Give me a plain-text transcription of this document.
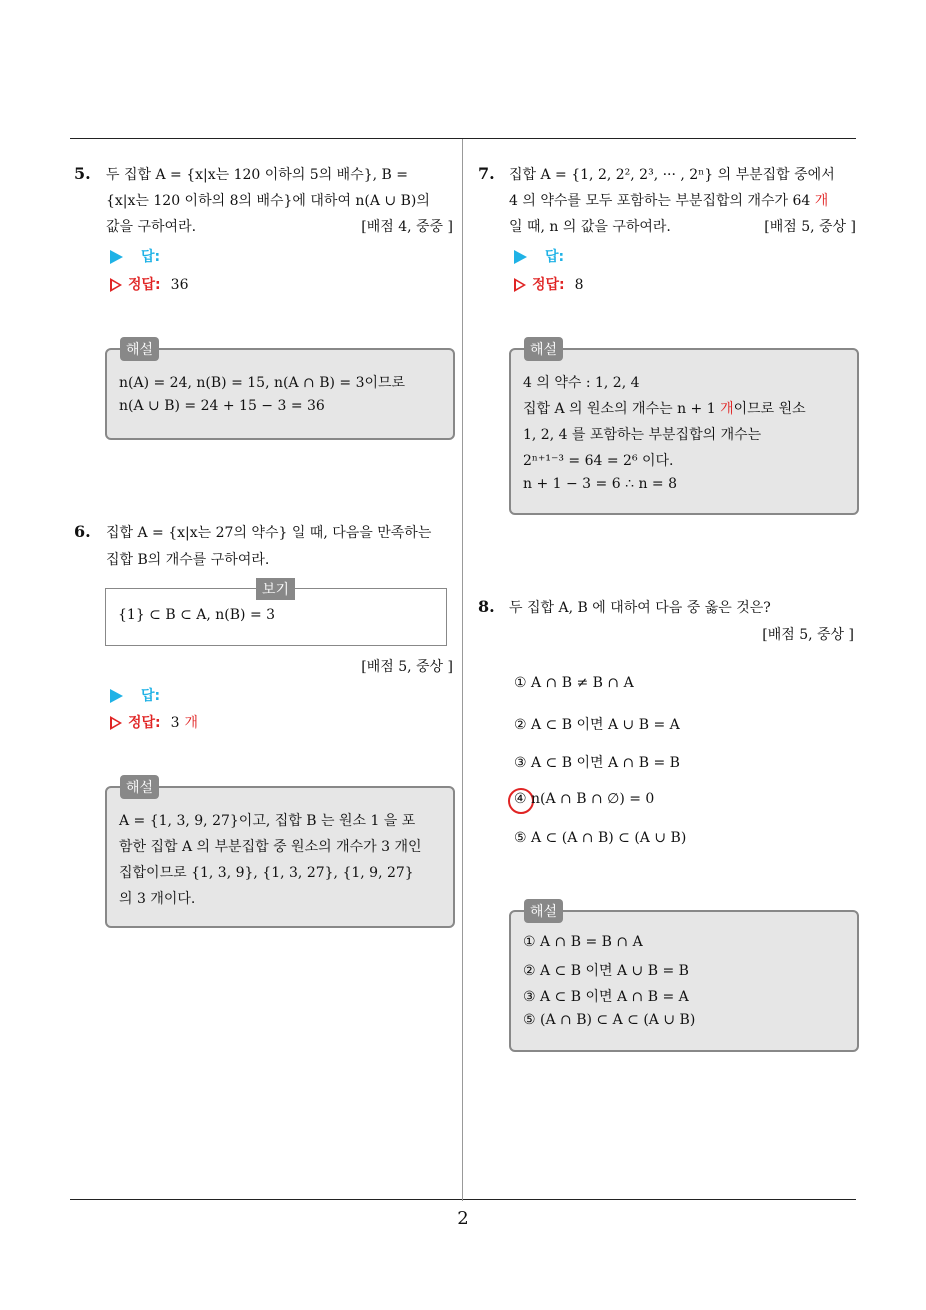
2
5. 두 집합 A = {x|x는 120 이하의 5의 배수}, B =
{x|x는 120 이하의 8의 배수}에 대하여 n(A ∪ B)의
값을 구하여라.	[배점 4, 중중 ]
답:
정답: 36
n(A) = 24, n(B) = 15, n(A ∩ B) = 3이므로
n(A ∪ B) = 24 + 15 − 3 = 36
해설
6. 집합 A = {x|x는 27의 약수} 일 때, 다음을 만족하는
집합 B의 개수를 구하여라.
{1} ⊂ B ⊂ A, n(B) = 3
보기
[배점 5, 중상 ]
답:
정답: 3 개
A = {1, 3, 9, 27}이고, 집합 B 는 원소 1 을 포
함한 집합 A 의 부분집합 중 원소의 개수가 3 개인
집합이므로 {1, 3, 9}, {1, 3, 27}, {1, 9, 27}
의 3 개이다.
해설
7. 집합 A = {1, 2, 2², 2³, ··· , 2ⁿ} 의 부분집합 중에서
4 의 약수를 모두 포함하는 부분집합의 개수가 64 개
일 때, n 의 값을 구하여라.	[배점 5, 중상 ]
답:
정답: 8
4 의 약수 : 1, 2, 4
집합 A 의 원소의 개수는 n + 1 개이므로 원소
1, 2, 4 를 포함하는 부분집합의 개수는
2ⁿ⁺¹⁻³ = 64 = 2⁶ 이다.
n + 1 − 3 = 6 ∴ n = 8
해설
8. 두 집합 A, B 에 대하여 다음 중 옳은 것은?
[배점 5, 중상 ]
① A ∩ B ≠ B ∩ A
② A ⊂ B 이면 A ∪ B = A
③ A ⊂ B 이면 A ∩ B = B
④ n(A ∩ B ∩ ∅) = 0
⑤ A ⊂ (A ∩ B) ⊂ (A ∪ B)
① A ∩ B = B ∩ A
② A ⊂ B 이면 A ∪ B = B
③ A ⊂ B 이면 A ∩ B = A
⑤ (A ∩ B) ⊂ A ⊂ (A ∪ B)
해설
